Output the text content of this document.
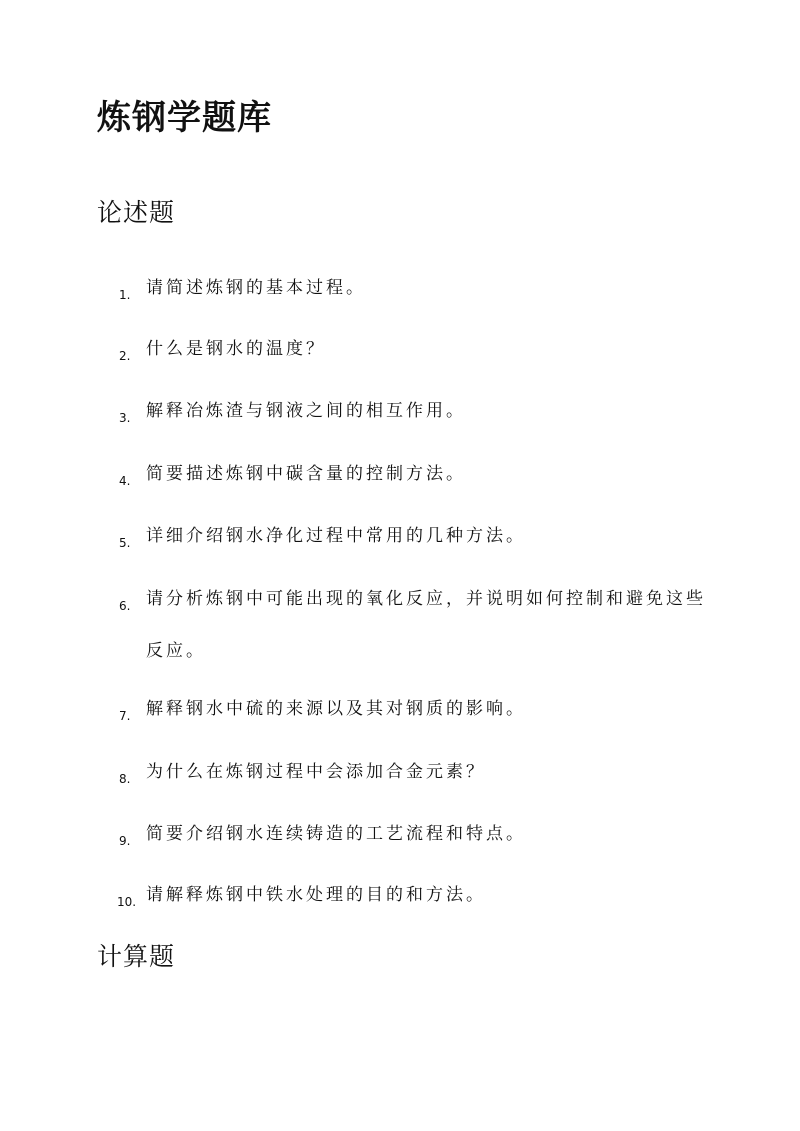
炼钢学题库
论述题
1. 请简述炼钢的基本过程。
2. 什么是钢水的温度？
3. 解释冶炼渣与钢液之间的相互作用。
4. 简要描述炼钢中碳含量的控制方法。
5. 详细介绍钢水净化过程中常用的几种方法。
6. 请分析炼钢中可能出现的氧化反应，并说明如何控制和避免这些反应。
7. 解释钢水中硫的来源以及其对钢质的影响。
8. 为什么在炼钢过程中会添加合金元素？
9. 简要介绍钢水连续铸造的工艺流程和特点。
10. 请解释炼钢中铁水处理的目的和方法。
计算题
